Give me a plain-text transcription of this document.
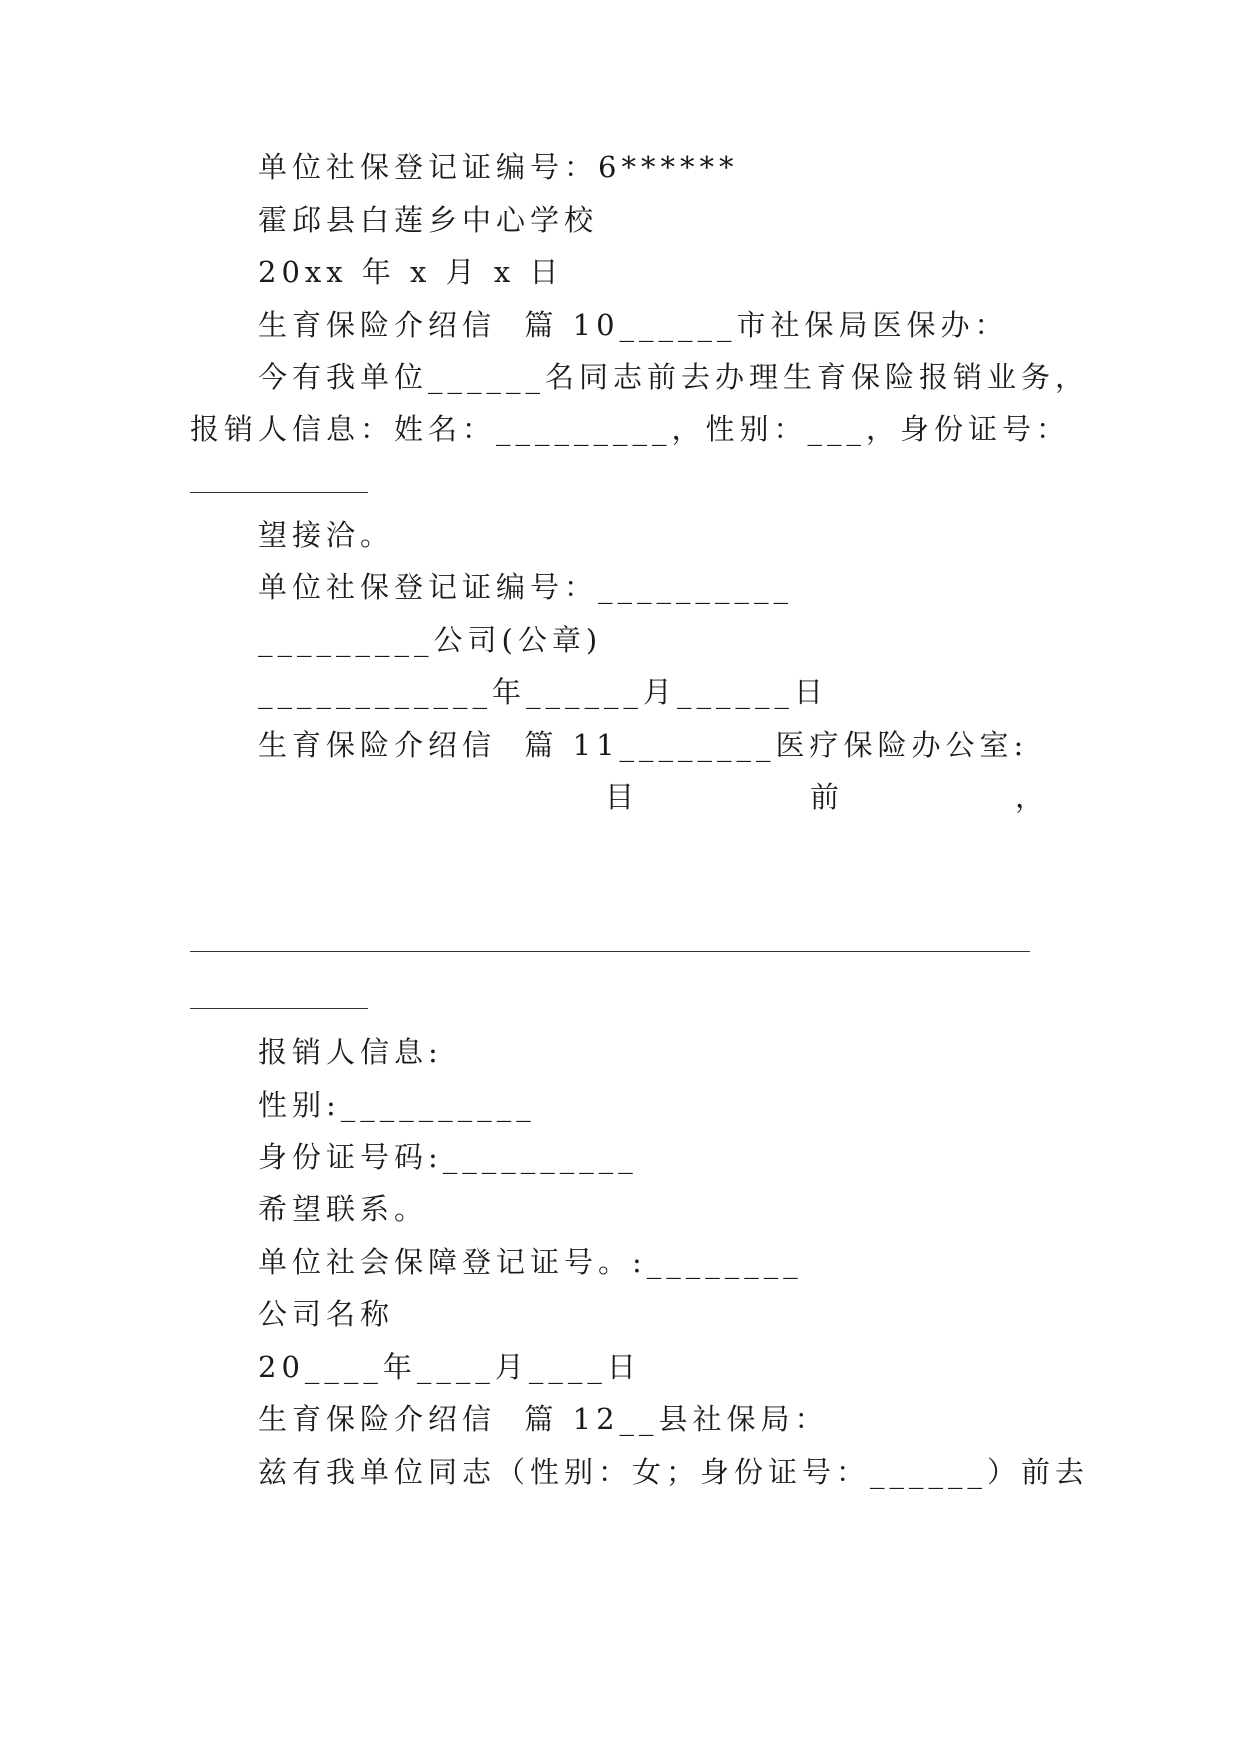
单位社保登记证编号：6******
霍邱县白莲乡中心学校
20xx 年 x 月 x 日
生育保险介绍信  篇 10______市社保局医保办：
今有我单位______名同志前去办理生育保险报销业务，
报销人信息：姓名：_________，性别：___，身份证号：
望接洽。
单位社保登记证编号：__________
_________公司(公章)
____________年______月______日
生育保险介绍信  篇 11________医疗保险办公室:
目	前	，
报销人信息:
性别:__________
身份证号码:__________
希望联系。
单位社会保障登记证号。:________
公司名称
20____年____月____日
生育保险介绍信  篇 12__县社保局：
兹有我单位同志（性别：女；身份证号：______）前去
